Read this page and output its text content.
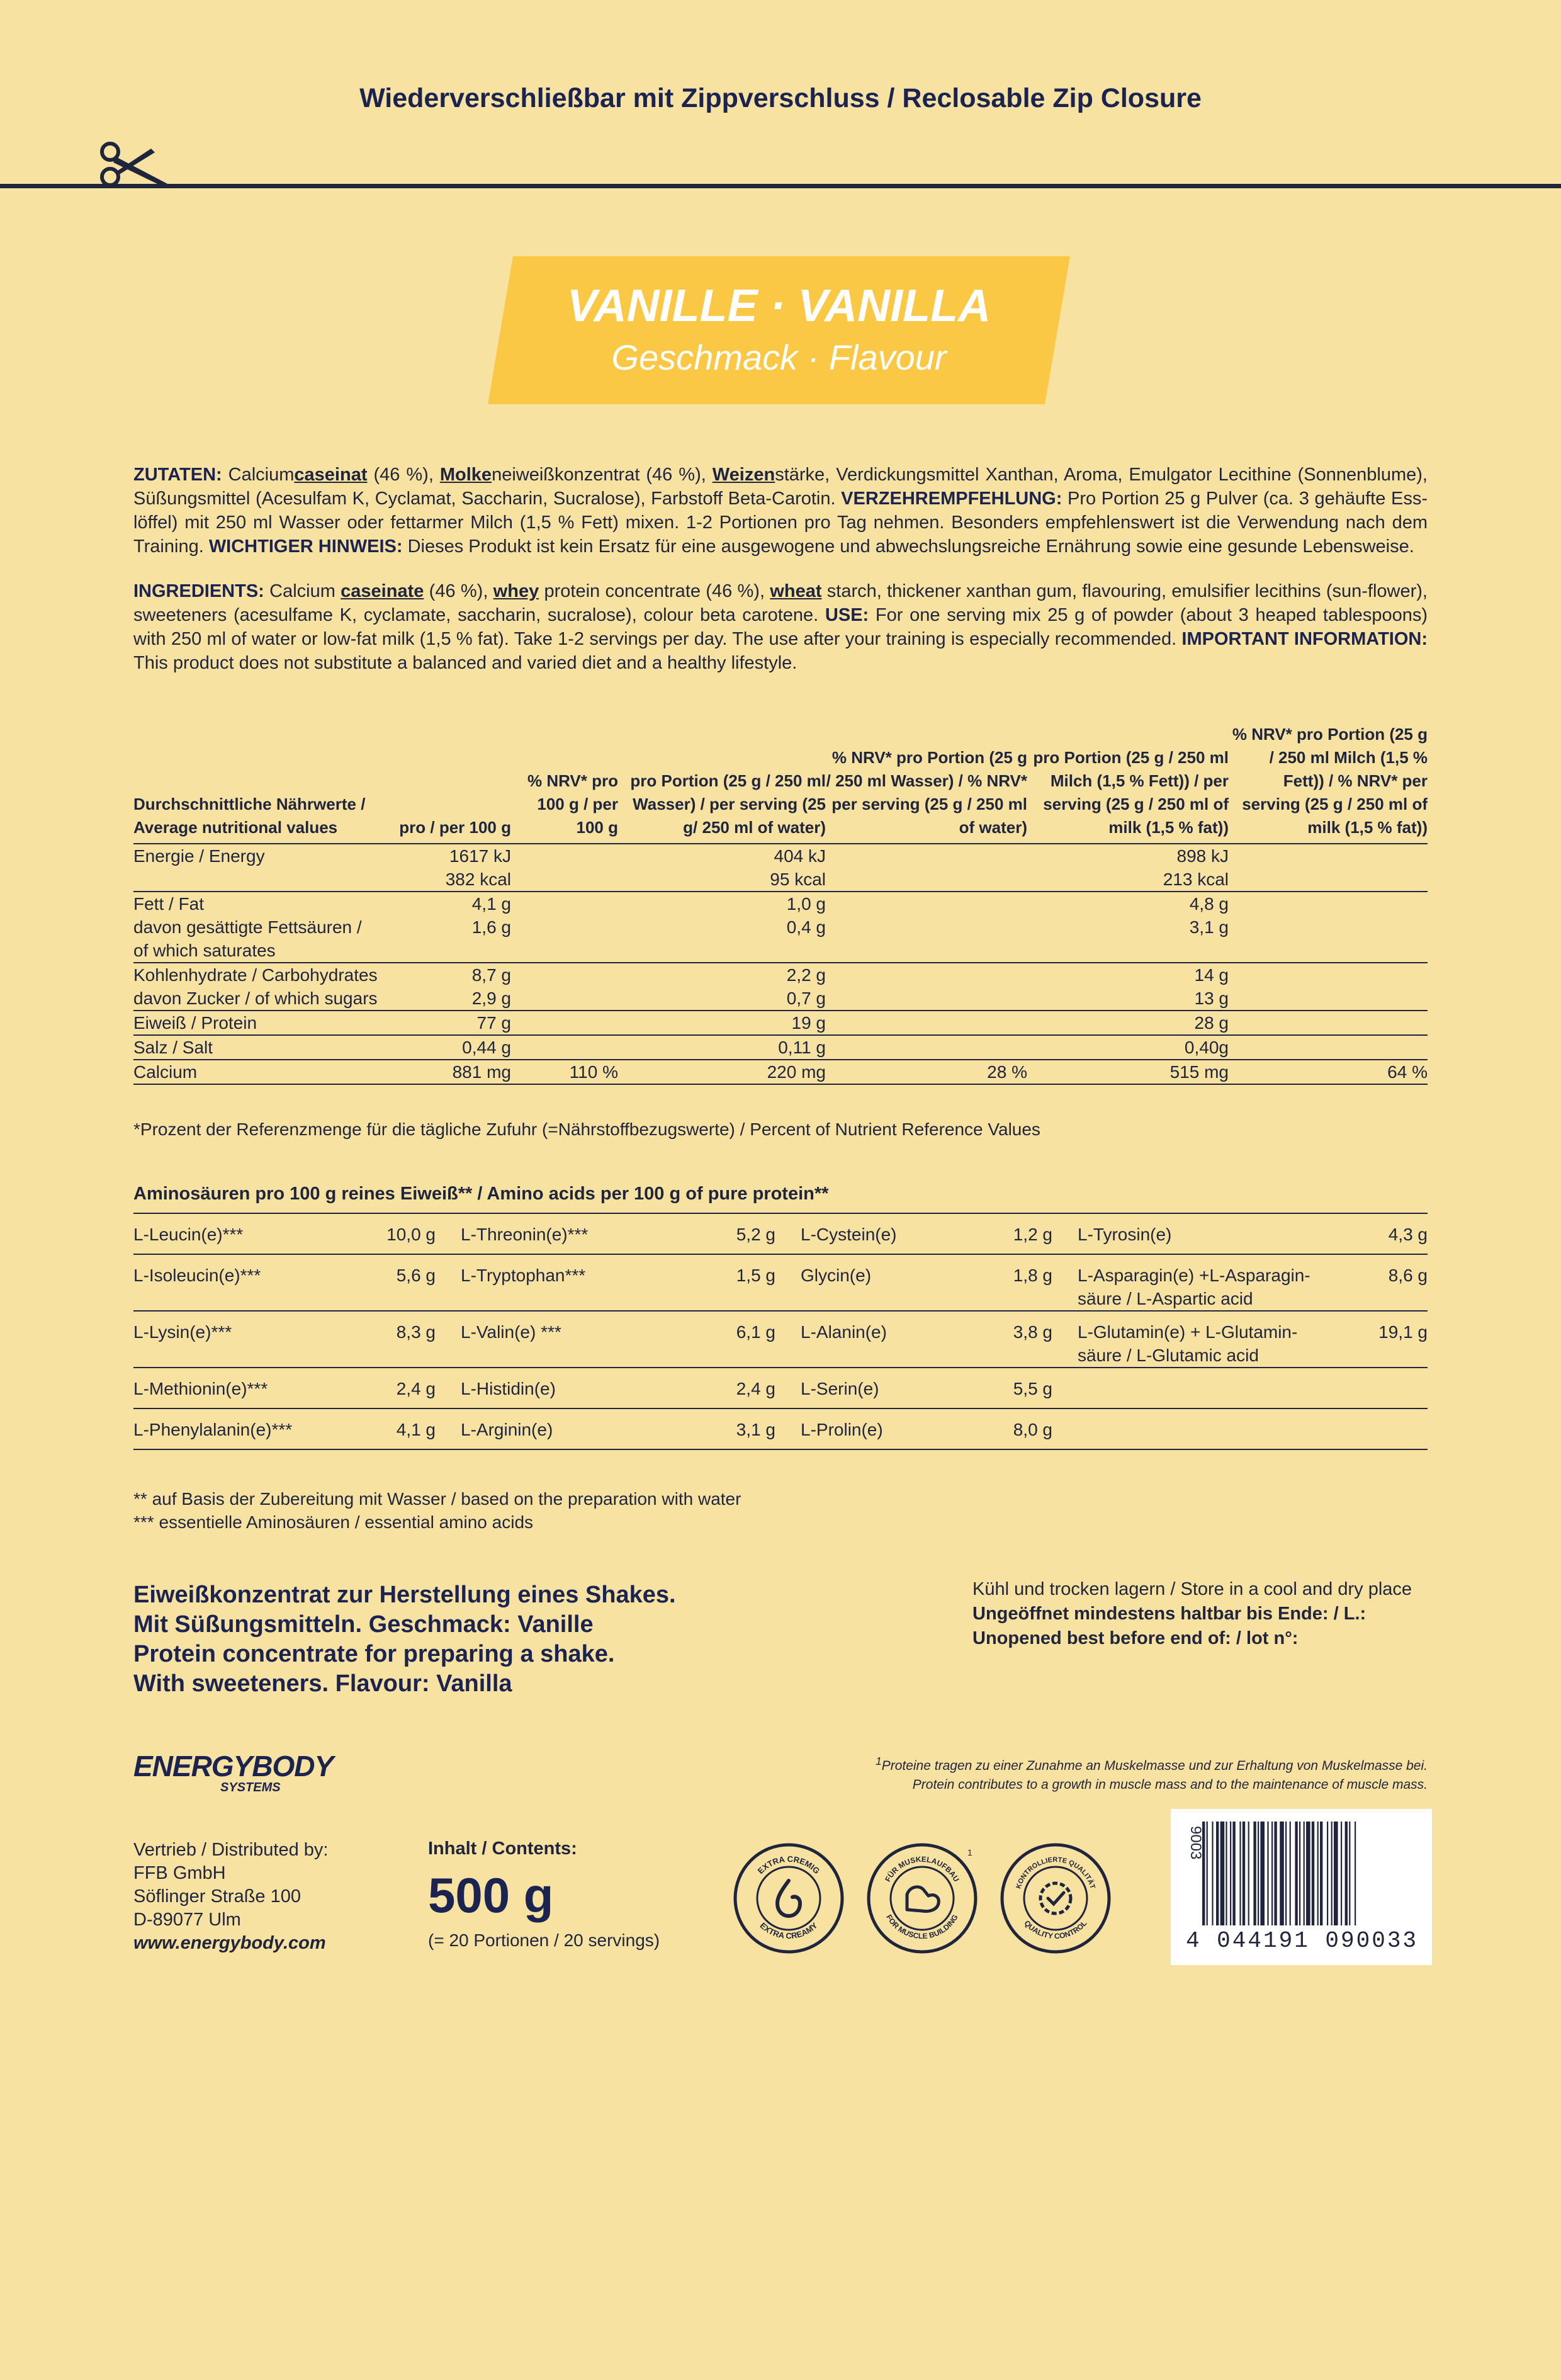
Wiederverschließbar mit Zippverschluss / Reclosable Zip Closure
VANILLE · VANILLA
Geschmack · Flavour
ZUTATEN: Calciumcaseinat (46 %), Molkeneiweißkonzentrat (46 %), Weizenstärke, Verdickungsmittel Xanthan, Aroma, Emulgator Lecithine (Sonnenblume), Süßungsmittel (Acesulfam K, Cyclamat, Saccharin, Sucralose), Farbstoff Beta-Carotin. VERZEHREMPFEHLUNG: Pro Portion 25 g Pulver (ca. 3 gehäufte Ess-löffel) mit 250 ml Wasser oder fettarmer Milch (1,5 % Fett) mixen. 1-2 Portionen pro Tag nehmen. Besonders empfehlenswert ist die Verwendung nach dem Training. WICHTIGER HINWEIS: Dieses Produkt ist kein Ersatz für eine ausgewogene und abwechslungsreiche Ernährung sowie eine gesunde Lebensweise.
INGREDIENTS: Calcium caseinate (46 %), whey protein concentrate (46 %), wheat starch, thickener xanthan gum, flavouring, emulsifier lecithins (sun-flower), sweeteners (acesulfame K, cyclamate, saccharin, sucralose), colour beta carotene. USE: For one serving mix 25 g of powder (about 3 heaped tablespoons) with 250 ml of water or low-fat milk (1,5 % fat). Take 1-2 servings per day. The use after your training is especially recommended. IMPORTANT INFORMATION: This product does not substitute a balanced and varied diet and a healthy lifestyle.
Durchschnittliche Nährwerte / Average nutritional values	pro / per 100 g	% NRV* pro 100 g / per 100 g	pro Portion (25 g / 250 ml Wasser) / per serving (25 g/ 250 ml of water)	% NRV* pro Portion (25 g / 250 ml Wasser) / % NRV* per serving (25 g / 250 ml of water)	pro Portion (25 g / 250 ml Milch (1,5 % Fett)) / per serving (25 g / 250 ml of milk (1,5 % fat))	% NRV* pro Portion (25 g / 250 ml Milch (1,5 % Fett)) / % NRV* per serving (25 g / 250 ml of milk (1,5 % fat))
Energie / Energy	1617 kJ		404 kJ		898 kJ	
	382 kcal		95 kcal		213 kcal	
Fett / Fat	4,1 g		1,0 g		4,8 g	
davon gesättigte Fettsäuren /	1,6 g		0,4 g		3,1 g	
of which saturates						
Kohlenhydrate / Carbohydrates	8,7 g		2,2 g		14 g	
davon Zucker / of which sugars	2,9 g		0,7 g		13 g	
Eiweiß / Protein	77 g		19 g		28 g	
Salz / Salt	0,44 g		0,11 g		0,40g	
Calcium	881 mg	110 %	220 mg	28 %	515 mg	64 %
*Prozent der Referenzmenge für die tägliche Zufuhr (=Nährstoffbezugswerte) / Percent of Nutrient Reference Values
Aminosäuren pro 100 g reines Eiweiß** / Amino acids per 100 g of pure protein**
L-Leucin(e)***	10,0 g		L-Threonin(e)***	5,2 g		L-Cystein(e)	1,2 g		L-Tyrosin(e)	4,3 g
L-Isoleucin(e)***	5,6 g		L-Tryptophan***	1,5 g		Glycin(e)	1,8 g		L-Asparagin(e) +L-Asparagin-säure / L-Aspartic acid	8,6 g
L-Lysin(e)***	8,3 g		L-Valin(e) ***	6,1 g		L-Alanin(e)	3,8 g		L-Glutamin(e) + L-Glutamin-säure / L-Glutamic acid	19,1 g
L-Methionin(e)***	2,4 g		L-Histidin(e)	2,4 g		L-Serin(e)	5,5 g			
L-Phenylalanin(e)***	4,1 g		L-Arginin(e)	3,1 g		L-Prolin(e)	8,0 g			
** auf Basis der Zubereitung mit Wasser / based on the preparation with water
*** essentielle Aminosäuren / essential amino acids
Eiweißkonzentrat zur Herstellung eines Shakes.
Mit Süßungsmitteln. Geschmack: Vanille
Protein concentrate for preparing a shake.
With sweeteners. Flavour: Vanilla
Kühl und trocken lagern / Store in a cool and dry place
Ungeöffnet mindestens haltbar bis Ende: / L.:
Unopened best before end of: / lot n°:
ENERGYBODY
SYSTEMS
$^1$Proteine tragen zu einer Zunahme an Muskelmasse und zur Erhaltung von Muskelmasse bei.
Protein contributes to a growth in muscle mass and to the maintenance of muscle mass.
Vertrieb / Distributed by:
FFB GmbH
Söflinger Straße 100
D-89077 Ulm
www.energybody.com
Inhalt / Contents:
500 g
(= 20 Portionen / 20 servings)
EXTRA CREMIG
EXTRA CREAMY
FÜR MUSKELAUFBAU
FOR MUSCLE BUILDING
1
KONTROLLIERTE QUALITÄT
QUALITY CONTROL
9003
4 044191 090033
